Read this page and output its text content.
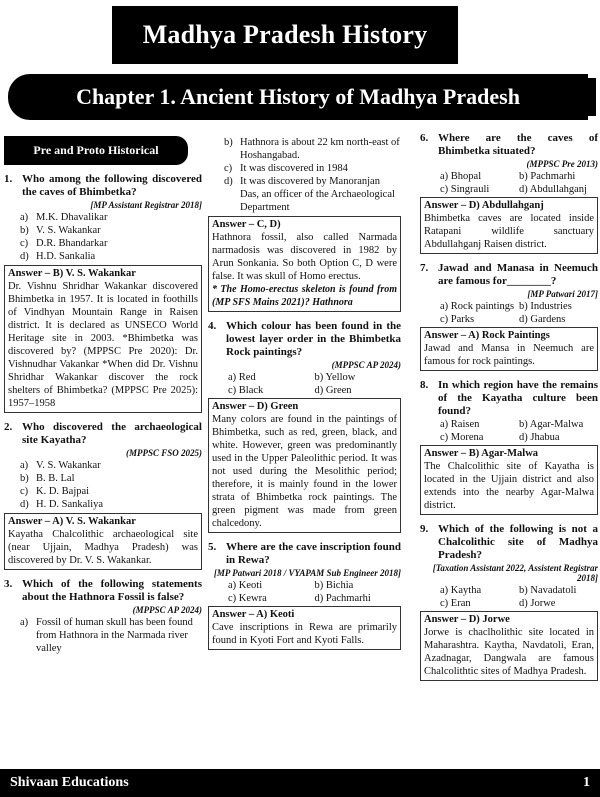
Madhya Pradesh History
Chapter 1. Ancient History of Madhya Pradesh
Pre and Proto Historical
1. Who among the following discovered the caves of Bhimbetka?
[MP Assistant Registrar 2018]
a) M.K. Dhavalikar
b) V. S. Wakankar
c) D.R. Bhandarkar
d) H.D. Sankalia
Answer – B) V. S. Wakankar
Dr. Vishnu Shridhar Wakankar discovered Bhimbetka in 1957. It is located in foothills of Vindhyan Mountain Range in Raisen district. It is declared as UNSECO World Heritage site in 2003. *Bhimbetka was discovered by? (MPPSC Pre 2020): Dr. Vishnudhar Vakankar *When did Dr. Vishnu Shridhar Wakankar discover the rock shelters of Bhimbetka? (MPPSC Pre 2025): 1957–1958
2. Who discovered the archaeological site Kayatha?
(MPPSC FSO 2025)
a) V. S. Wakankar
b) B. B. Lal
c) K. D. Bajpai
d) H. D. Sankaliya
Answer – A) V. S. Wakankar
Kayatha Chalcolithic archaeological site (near Ujjain, Madhya Pradesh) was discovered by Dr. V. S. Wakankar.
3. Which of the following statements about the Hathnora Fossil is false?
(MPPSC AP 2024)
a) Fossil of human skull has been found from Hathnora in the Narmada river valley
b) Hathnora is about 22 km north-east of Hoshangabad.
c) It was discovered in 1984
d) It was discovered by Manoranjan Das, an officer of the Archaeological Department
Answer – C, D)
Hathnora fossil, also called Narmada narmadosis was discovered in 1982 by Arun Sonkania. So both Option C, D were false. It was skull of Homo erectus.
* The Homo-erectus skeleton is found from (MP SFS Mains 2021)? Hathnora
4. Which colour has been found in the lowest layer order in the Bhimbetka Rock paintings?
(MPPSC AP 2024)
a) Red	b) Yellow
c) Black	d) Green
Answer – D) Green
Many colors are found in the paintings of Bhimbetka, such as red, green, black, and white. However, green was predominantly used in the Upper Paleolithic period. It was not used during the Mesolithic period; therefore, it is mainly found in the lower strata of Bhimbetka rock paintings. The green pigment was made from green chalcedony.
5. Where are the cave inscription found in Rewa?
[MP Patwari 2018 / VYAPAM Sub Engineer 2018]
a) Keoti	b) Bichia
c) Kewra	d) Pachmarhi
Answer – A) Keoti
Cave inscriptions in Rewa are primarily found in Kyoti Fort and Kyoti Falls.
6. Where are the caves of Bhimbetka situated?
(MPPSC Pre 2013)
a) Bhopal	b) Pachmarhi
c) Singrauli	d) Abdullahganj
Answer – D) Abdullahganj
Bhimbetka caves are located inside Ratapani wildlife sanctuary Abdullahganj Raisen district.
7. Jawad and Manasa in Neemuch are famous for________?
[MP Patwari 2017]
a) Rock paintings b) Industries
c) Parks	d) Gardens
Answer – A) Rock Paintings
Jawad and Mansa in Neemuch are famous for rock paintings.
8. In which region have the remains of the Kayatha culture been found?
a) Raisen	b) Agar-Malwa
c) Morena	d) Jhabua
Answer – B) Agar-Malwa
The Chalcolithic site of Kayatha is located in the Ujjain district and also extends into the nearby Agar-Malwa district.
9. Which of the following is not a Chalcolithic site of Madhya Pradesh?
[Taxation Assistant 2022, Assistent Registrar 2018]
a) Kaytha	b) Navadatoli
c) Eran	d) Jorwe
Answer – D) Jorwe
Jorwe is chaclholithic site located in Maharashtra. Kaytha, Navdatoli, Eran, Azadnagar, Dangwala are famous Chalcolithtic sites of Madhya Pradesh.
Shivaan Educations	1
